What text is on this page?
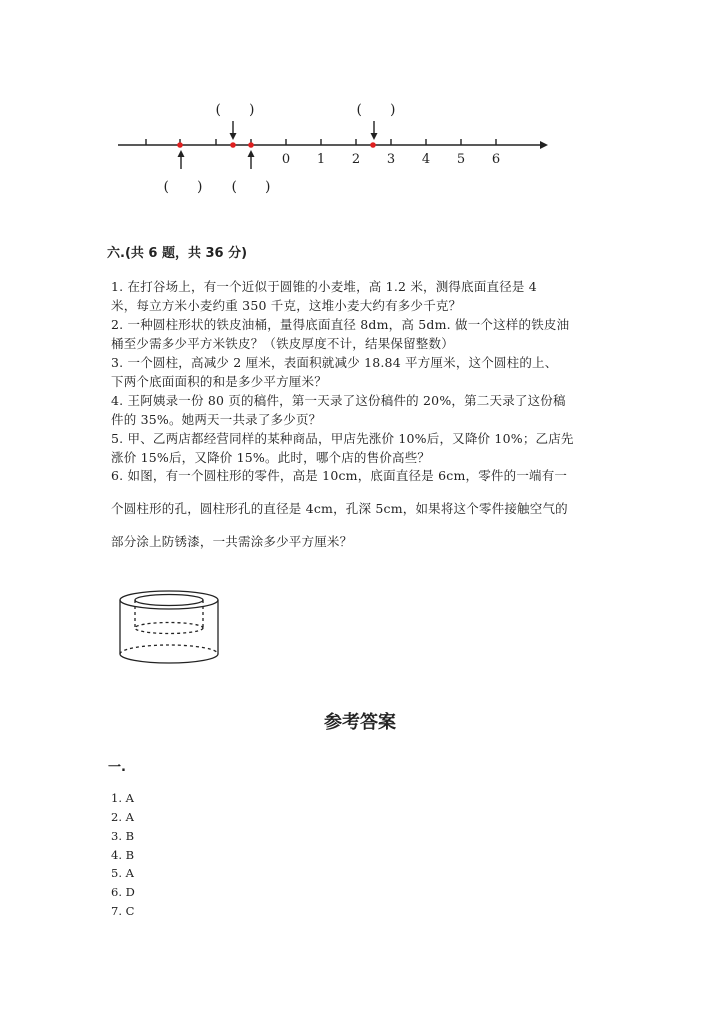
0 1 2 3 4 5 6
(　　)	(　　)
(　　) (　　)
六.(共 6 题，共 36 分)
1. 在打谷场上，有一个近似于圆锥的小麦堆，高 1.2 米，测得底面直径是 4
米，每立方米小麦约重 350 千克，这堆小麦大约有多少千克？
2. 一种圆柱形状的铁皮油桶，量得底面直径 8dm，高 5dm. 做一个这样的铁皮油
桶至少需多少平方米铁皮？（铁皮厚度不计，结果保留整数）
3. 一个圆柱，高减少 2 厘米，表面积就减少 18.84 平方厘米，这个圆柱的上、
下两个底面面积的和是多少平方厘米？
4. 王阿姨录一份 80 页的稿件，第一天录了这份稿件的 20%，第二天录了这份稿
件的 35%。她两天一共录了多少页？
5. 甲、乙两店都经营同样的某种商品，甲店先涨价 10%后，又降价 10%；乙店先
涨价 15%后，又降价 15%。此时，哪个店的售价高些？
6. 如图，有一个圆柱形的零件，高是 10cm，底面直径是 6cm，零件的一端有一
个圆柱形的孔，圆柱形孔的直径是 4cm，孔深 5cm，如果将这个零件接触空气的
部分涂上防锈漆，一共需涂多少平方厘米？
参考答案
一.
1. A
2. A
3. B
4. B
5. A
6. D
7. C
